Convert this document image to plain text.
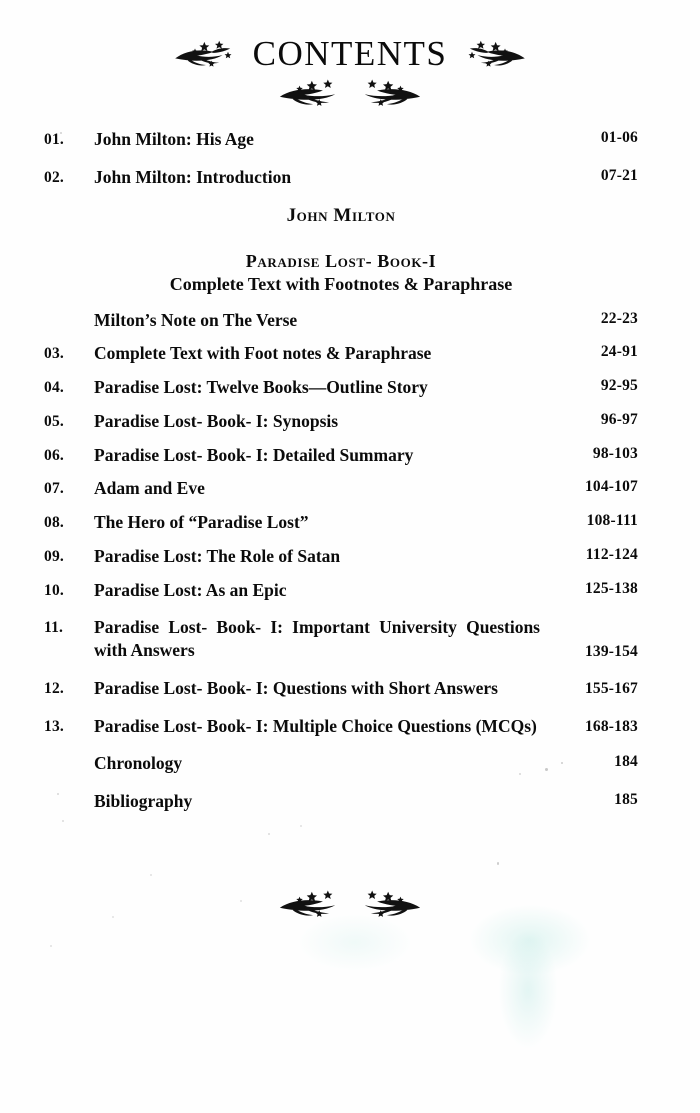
CONTENTS
01.	John Milton: His Age	01-06
02.	John Milton: Introduction	07-21
John Milton
Paradise Lost- Book-I
Complete Text with Footnotes & Paraphrase
Milton’s Note on The Verse	22-23
03.	Complete Text with Foot notes & Paraphrase	24-91
04.	Paradise Lost: Twelve Books—Outline Story	92-95
05.	Paradise Lost- Book- I: Synopsis	96-97
06.	Paradise Lost- Book- I: Detailed Summary	98-103
07.	Adam and Eve	104-107
08.	The Hero of “Paradise Lost”	108-111
09.	Paradise Lost: The Role of Satan	112-124
10.	Paradise Lost: As an Epic	125-138
11.	Paradise Lost- Book- I: Important University Questions with Answers	139-154
12.	Paradise Lost- Book- I: Questions with Short Answers	155-167
13.	Paradise Lost- Book- I: Multiple Choice Questions (MCQs)	168-183
Chronology	184
Bibliography	185
